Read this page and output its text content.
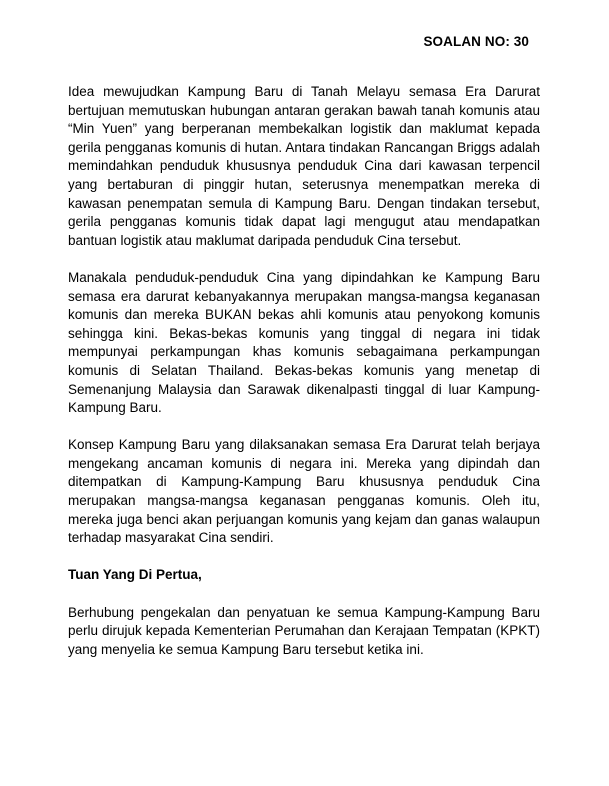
SOALAN NO: 30

Idea mewujudkan Kampung Baru di Tanah Melayu semasa Era Darurat bertujuan memutuskan hubungan antaran gerakan bawah tanah komunis atau “Min Yuen” yang berperanan membekalkan logistik dan maklumat kepada gerila pengganas komunis di hutan. Antara tindakan Rancangan Briggs adalah memindahkan penduduk khususnya penduduk Cina dari kawasan terpencil yang bertaburan di pinggir hutan, seterusnya menempatkan mereka di kawasan penempatan semula di Kampung Baru. Dengan tindakan tersebut, gerila pengganas komunis tidak dapat lagi mengugut atau mendapatkan bantuan logistik atau maklumat daripada penduduk Cina tersebut.

Manakala penduduk-penduduk Cina yang dipindahkan ke Kampung Baru semasa era darurat kebanyakannya merupakan mangsa-mangsa keganasan komunis dan mereka BUKAN bekas ahli komunis atau penyokong komunis sehingga kini. Bekas-bekas komunis yang tinggal di negara ini tidak mempunyai perkampungan khas komunis sebagaimana perkampungan komunis di Selatan Thailand. Bekas-bekas komunis yang menetap di Semenanjung Malaysia dan Sarawak dikenalpasti tinggal di luar Kampung-Kampung Baru.

Konsep Kampung Baru yang dilaksanakan semasa Era Darurat telah berjaya mengekang ancaman komunis di negara ini. Mereka yang dipindah dan ditempatkan di Kampung-Kampung Baru khususnya penduduk Cina merupakan mangsa-mangsa keganasan pengganas komunis. Oleh itu, mereka juga benci akan perjuangan komunis yang kejam dan ganas walaupun terhadap masyarakat Cina sendiri.

Tuan Yang Di Pertua,

Berhubung pengekalan dan penyatuan ke semua Kampung-Kampung Baru perlu dirujuk kepada Kementerian Perumahan dan Kerajaan Tempatan (KPKT) yang menyelia ke semua Kampung Baru tersebut ketika ini.
